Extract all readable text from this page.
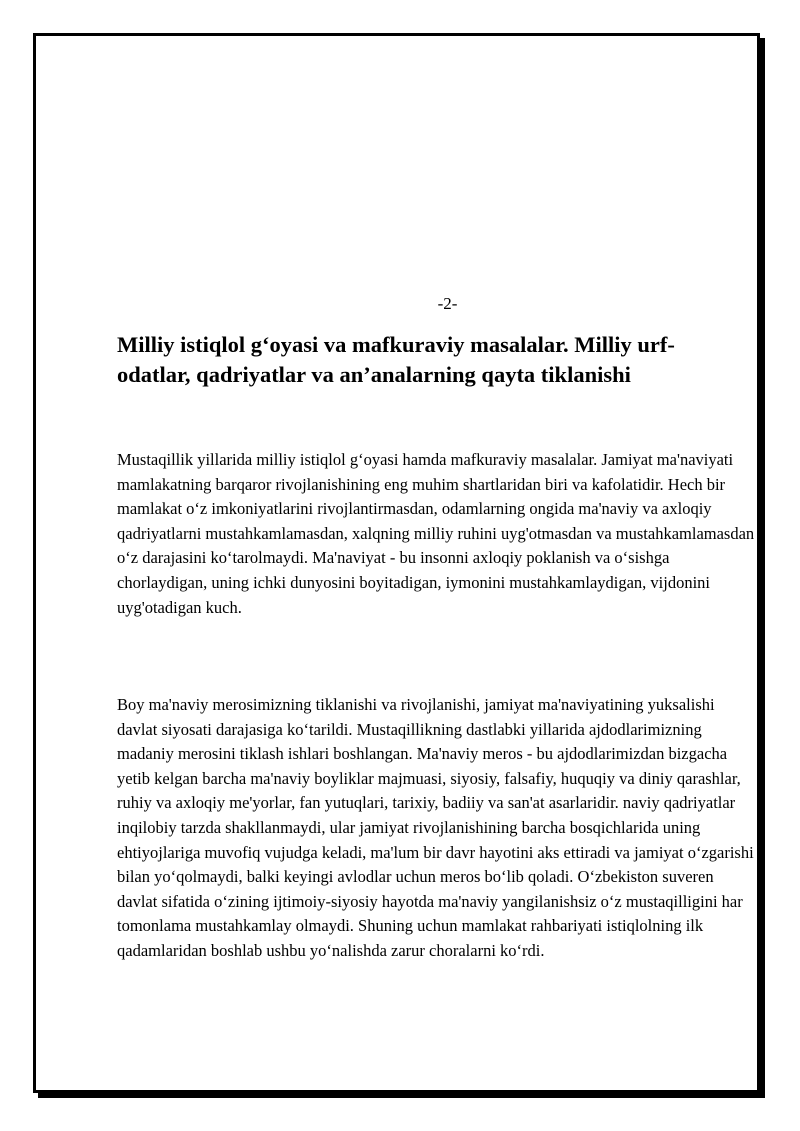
-2-
Milliy istiqlol g‘oyasi va mafkuraviy masalalar. Milliy urf-odatlar, qadriyatlar va an’analarning qayta tiklanishi

Mustaqillik yillarida milliy istiqlol g‘oyasi hamda mafkuraviy masalalar. Jamiyat ma'naviyati mamlakatning barqaror rivojlanishining eng muhim shartlaridan biri va kafolatidir. Hech bir mamlakat o‘z imkoniyatlarini rivojlantirmasdan, odamlarning ongida ma'naviy va axloqiy qadriyatlarni mustahkamlamasdan, xalqning milliy ruhini uyg'otmasdan va mustahkamlamasdan o‘z darajasini ko‘tarolmaydi. Ma'naviyat - bu insonni axloqiy poklanish va o‘sishga chorlaydigan, uning ichki dunyosini boyitadigan, iymonini mustahkamlaydigan, vijdonini uyg'otadigan kuch.

Boy ma'naviy merosimizning tiklanishi va rivojlanishi, jamiyat ma'naviyatining yuksalishi davlat siyosati darajasiga ko‘tarildi. Mustaqillikning dastlabki yillarida ajdodlarimizning madaniy merosini tiklash ishlari boshlangan. Ma'naviy meros - bu ajdodlarimizdan bizgacha yetib kelgan barcha ma'naviy boyliklar majmuasi, siyosiy, falsafiy, huquqiy va diniy qarashlar, ruhiy va axloqiy me'yorlar, fan yutuqlari, tarixiy, badiiy va san'at asarlaridir. naviy qadriyatlar inqilobiy tarzda shakllanmaydi, ular jamiyat rivojlanishining barcha bosqichlarida uning ehtiyojlariga muvofiq vujudga keladi, ma'lum bir davr hayotini aks ettiradi va jamiyat o‘zgarishi bilan yo‘qolmaydi, balki keyingi avlodlar uchun meros bo‘lib qoladi. O‘zbekiston suveren davlat sifatida o‘zining ijtimoiy-siyosiy hayotda ma'naviy yangilanishsiz o‘z mustaqilligini har tomonlama mustahkamlay olmaydi. Shuning uchun mamlakat rahbariyati istiqlolning ilk qadamlaridan boshlab ushbu yo‘nalishda zarur choralarni ko‘rdi.
